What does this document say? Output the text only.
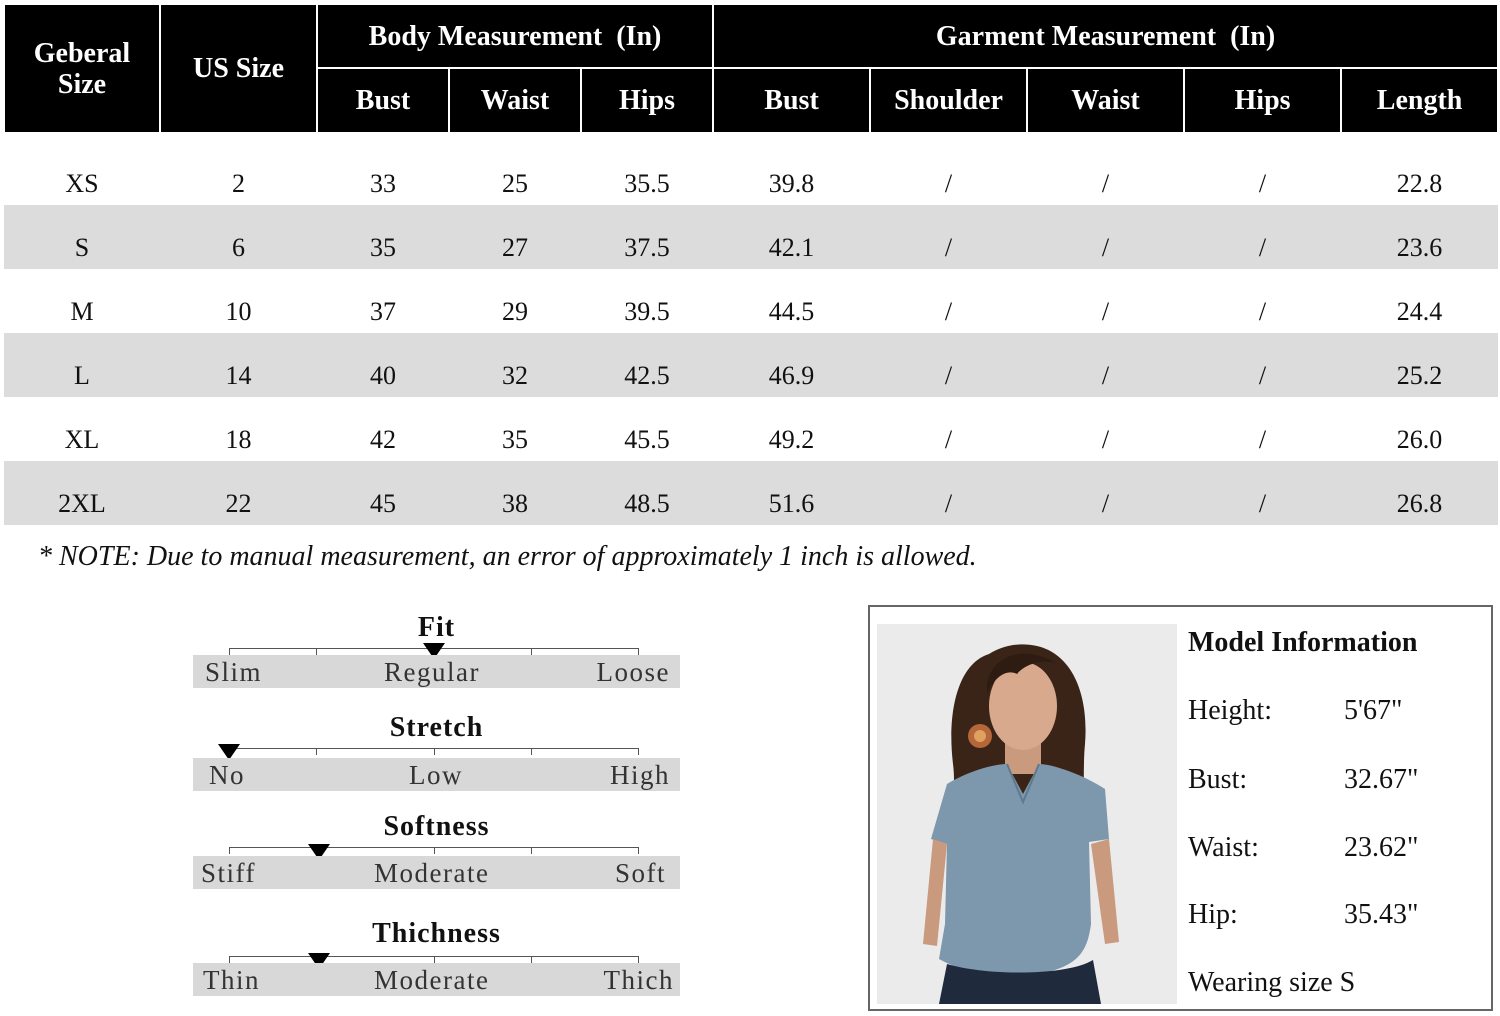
Geberal
Size	US Size	Body Measurement  (In)			Garment Measurement  (In)				
		Bust	Waist	Hips	Bust	Shoulder	Waist	Hips	Length

XS	2	33	25	35.5	39.8	/	/	/	22.8
S	6	35	27	37.5	42.1	/	/	/	23.6
M	10	37	29	39.5	44.5	/	/	/	24.4
L	14	40	32	42.5	46.9	/	/	/	25.2
XL	18	42	35	45.5	49.2	/	/	/	26.0
2XL	22	45	38	48.5	51.6	/	/	/	26.8
* NOTE: Due to manual measurement, an error of approximately 1 inch is allowed.
Fit
Slim	Regular	Loose
Stretch
No	Low	High
Softness
Stiff	Moderate	Soft
Thichness
Thin	Moderate	Thich
Model Information
Height:	5'67"
Bust:	32.67"
Waist:	23.62"
Hip:	35.43"
Wearing size S
